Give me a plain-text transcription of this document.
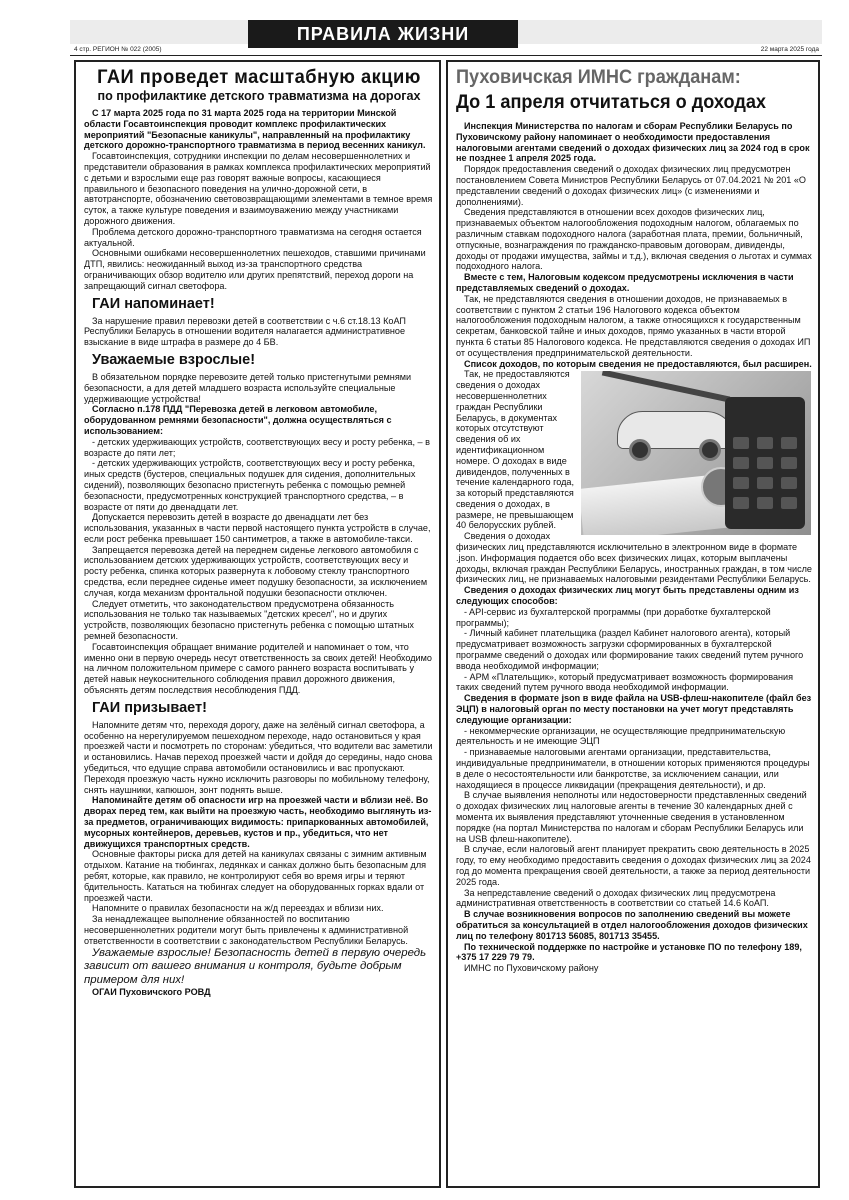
ПРАВИЛА ЖИЗНИ
4 стр. РЕГИОН № 022 (2005)	22 марта 2025 года
ГАИ проведет масштабную акцию
по профилактике детского травматизма на дорогах

С 17 марта 2025 года по 31 марта 2025 года на территории Минской области Госавтоинспекция проводит комплекс профилактических мероприятий "Безопасные каникулы", направленный на профилактику детского дорожно-транспортного травматизма в период весенних каникул.

Госавтоинспекция, сотрудники инспекции по делам несовершеннолетних и представители образования в рамках комплекса профилактических мероприятий с детьми и взрослыми еще раз говорят важные вопросы, касающиеся правильного и безопасного поведения на улично-дорожной сети, в автотранспорте, обозначению световозвращающими элементами в темное время суток, а также культуре поведения и взаимоуважению между участниками дорожного движения.

Проблема детского дорожно-транспортного травматизма на сегодня остается актуальной.

Основными ошибками несовершеннолетних пешеходов, ставшими причинами ДТП, явились: неожиданный выход из-за транспортного средства ограничивающих обзор водителю или других препятствий, переход дороги на запрещающий сигнал светофора.

ГАИ напоминает!

За нарушение правил перевозки детей в соответствии с ч.6 ст.18.13 КоАП Республики Беларусь в отношении водителя налагается административное взыскание в виде штрафа в размере до 4 БВ.

Уважаемые взрослые!

В обязательном порядке перевозите детей только пристегнутыми ремнями безопасности, а для детей младшего возраста используйте специальные удерживающие устройства!

Согласно п.178 ПДД "Перевозка детей в легковом автомобиле, оборудованном ремнями безопасности", должна осуществляться с использованием:

- детских удерживающих устройств, соответствующих весу и росту ребенка, – в возрасте до пяти лет;

- детских удерживающих устройств, соответствующих весу и росту ребенка, иных средств (бустеров, специальных подушек для сидения, дополнительных сидений), позволяющих безопасно пристегнуть ребенка с помощью ремней безопасности, предусмотренных конструкцией транспортного средства, – в возрасте от пяти до двенадцати лет.

Допускается перевозить детей в возрасте до двенадцати лет без использования, указанных в части первой настоящего пункта устройств в случае, если рост ребенка превышает 150 сантиметров, а также в автомобиле-такси.

Запрещается перевозка детей на переднем сиденье легкового автомобиля с использованием детских удерживающих устройств, соответствующих весу и росту ребенка, спинка которых развернута к лобовому стеклу транспортного средства, если переднее сиденье имеет подушку безопасности, за исключением случая, когда механизм фронтальной подушки безопасности отключен.

Следует отметить, что законодательством предусмотрена обязанность использования не только так называемых "детских кресел", но и других устройств, позволяющих безопасно пристегнуть ребенка с помощью штатных ремней безопасности.

Госавтоинспекция обращает внимание родителей и напоминает о том, что именно они в первую очередь несут ответственность за своих детей! Необходимо на личном положительном примере с самого раннего возраста воспитывать у детей навык неукоснительного соблюдения правил дорожного движения, объяснять детям последствия несоблюдения ПДД.

ГАИ призывает!

Напомните детям что, переходя дорогу, даже на зелёный сигнал светофора, а особенно на нерегулируемом пешеходном переходе, надо остановиться у края проезжей части и посмотреть по сторонам: убедиться, что водители вас заметили и остановились. Начав переход проезжей части и дойдя до середины, надо снова убедиться, что едущие справа автомобили остановились и вас пропускают. Переходя проезжую часть нужно исключить разговоры по мобильному телефону, снять наушники, капюшон, зонт поднять выше.

Напоминайте детям об опасности игр на проезжей части и вблизи неё. Во дворах перед тем, как выйти на проезжую часть, необходимо выглянуть из-за предметов, ограничивающих видимость: припаркованных автомобилей, мусорных контейнеров, деревьев, кустов и пр., убедиться, что нет движущихся транспортных средств.

Основные факторы риска для детей на каникулах связаны с зимним активным отдыхом. Катание на тюбингах, ледянках и санках должно быть безопасным для ребят, которые, как правило, не контролируют себя во время игры и теряют бдительность. Кататься на тюбингах следует на оборудованных горках вдали от проезжей части.

Напомните о правилах безопасности на ж/д переездах и вблизи них.

За ненадлежащее выполнение обязанностей по воспитанию несовершеннолетних родители могут быть привлечены к административной ответственности в соответствии с законодательством Республики Беларусь.

Уважаемые взрослые! Безопасность детей в первую очередь зависит от вашего внимания и контроля, будьте добрым примером для них!

ОГАИ Пуховичского РОВД

Пуховичская ИМНС гражданам:
До 1 апреля отчитаться о доходах

Инспекция Министерства по налогам и сборам Республики Беларусь по Пуховичскому району напоминает о необходимости предоставления налоговыми агентами сведений о доходах физических лиц за 2024 год в срок не позднее 1 апреля 2025 года.

Порядок предоставления сведений о доходах физических лиц предусмотрен постановлением Совета Министров Республики Беларусь от 07.04.2021 № 201 «О представлении сведений о доходах физических лиц» (с изменениями и дополнениями).

Сведения представляются в отношении всех доходов физических лиц, признаваемых объектом налогообложения подоходным налогом, облагаемых по различным ставкам подоходного налога (заработная плата, премии, больничный, отпускные, вознаграждения по гражданско-правовым договорам, дивиденды, доходы от продажи имущества, займы и т.д.), включая сведения о льготах и суммах подоходного налога.

Вместе с тем, Налоговым кодексом предусмотрены исключения в части представляемых сведений о доходах.

Так, не представляются сведения в отношении доходов, не признаваемых в соответствии с пунктом 2 статьи 196 Налогового кодекса объектом налогообложения подоходным налогом, а также относящихся к государственным секретам, банковской тайне и иных доходов, прямо указанных в части второй пункта 6 статьи 85 Налогового кодекса. Не представляются сведения о доходах ИП от осуществления предпринимательской деятельности.

Список доходов, по которым сведения не предоставляются, был расширен.

Так, не предоставляются сведения о доходах несовершеннолетних граждан Республики Беларусь, в документах которых отсутствуют сведения об их идентификационном номере. О доходах в виде дивидендов, полученных в течение календарного года, за который представляются сведения о доходах, в размере, не превышающем 40 белорусских рублей.

Сведения о доходах физических лиц представляются исключительно в электронном виде в формате .json. Информация подается обо всех физических лицах, которым выплачены доходы, включая граждан Республики Беларусь, иностранных граждан, в том числе физических лиц, не признаваемых налоговыми резидентами Республики Беларусь.

Сведения о доходах физических лиц могут быть представлены одним из следующих способов:

- API-сервис из бухгалтерской программы (при доработке бухгалтерской программы);

- Личный кабинет плательщика (раздел Кабинет налогового агента), который предусматривает возможность загрузки сформированных в бухгалтерской программе сведений о доходах или формирование таких сведений путем ручного ввода необходимой информации;

- АРМ «Плательщик», который предусматривает возможность формирования таких сведений путем ручного ввода необходимой информации.

Сведения в формате json в виде файла на USB-флеш-накопителе (файл без ЭЦП) в налоговый орган по месту постановки на учет могут представлять следующие организации:

- некоммерческие организации, не осуществляющие предпринимательскую деятельность и не имеющие ЭЦП

- признаваемые налоговыми агентами организации, представительства, индивидуальные предприниматели, в отношении которых применяются процедуры в деле о несостоятельности или банкротстве, за исключением санации, или находящиеся в процессе ликвидации (прекращения деятельности), и др.

В случае выявления неполноты или недостоверности представленных сведений о доходах физических лиц налоговые агенты в течение 30 календарных дней с момента их выявления представляют уточненные сведения в установленном порядке (на портал Министерства по налогам и сборам Республики Беларусь или на USB флеш-накопителе).

В случае, если налоговый агент планирует прекратить свою деятельность в 2025 году, то ему необходимо предоставить сведения о доходах физических лиц за 2024 год до момента прекращения своей деятельности, а также за период деятельности 2025 года.

За непредставление сведений о доходах физических лиц предусмотрена административная ответственность в соответствии со статьей 14.6 КоАП.

В случае возникновения вопросов по заполнению сведений вы можете обратиться за консультацией в отдел налогообложения доходов физических лиц по телефону 801713 56085, 801713 35455.

По технической поддержке по настройке и установке ПО по телефону 189, +375 17 229 79 79.

ИМНС по Пуховичскому району
